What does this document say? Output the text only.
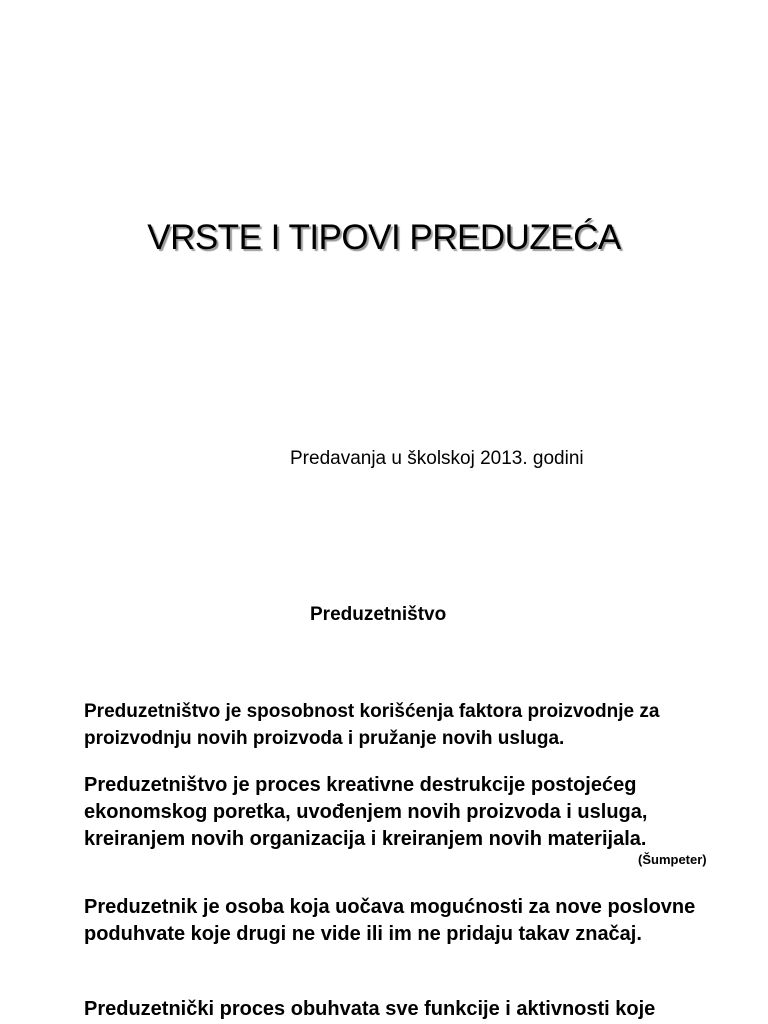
VRSTE I TIPOVI PREDUZEĆA

Predavanja u školskoj 2013. godini

Preduzetništvo

Preduzetništvo je sposobnost korišćenja faktora proizvodnje za proizvodnju novih proizvoda i pružanje novih usluga.

Preduzetništvo je proces kreativne destrukcije postojećeg ekonomskog poretka, uvođenjem novih proizvoda i usluga, kreiranjem novih organizacija i kreiranjem novih materijala.

(Šumpeter)

Preduzetnik je osoba koja uočava mogućnosti za nove poslovne poduhvate koje drugi ne vide ili im ne pridaju takav značaj.

Preduzetnički proces obuhvata sve funkcije i aktivnosti koje
